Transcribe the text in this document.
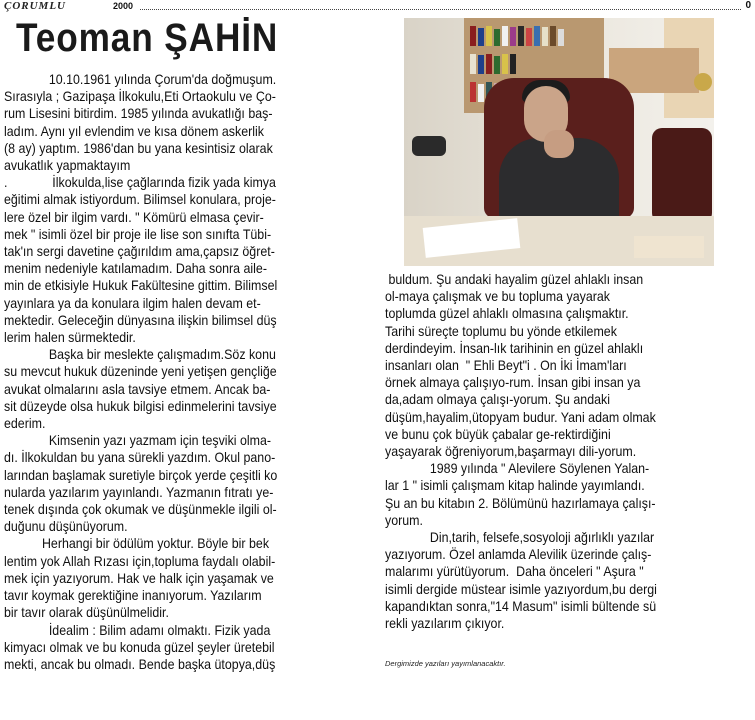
ÇORUMLU	2000	0
Teoman ŞAHİN

10.10.1961 yılında Çorum'da doğmuşum.

Sırasıyla ; Gazipaşa İlkokulu,Eti Ortaokulu ve Ço-

rum Lisesini bitirdim. 1985 yılında avukatlığı baş-

ladım. Aynı yıl evlendim ve kısa dönem askerlik

(8 ay) yaptım. 1986'dan bu yana kesintisiz olarak

avukatlık yapmaktayım

.             İlkokulda,lise çağlarında fizik yada kimya

eğitimi almak istiyordum. Bilimsel konulara, proje-

lere özel bir ilgim vardı. " Kömürü elmasa çevir-

mek " isimli özel bir proje ile lise son sınıfta Tübi-

tak'ın sergi davetine çağırıldım ama,çapsız öğret-

menim nedeniyle katılamadım. Daha sonra aile-

min de etkisiyle Hukuk Fakültesine gittim. Bilimsel

yayınlara ya da konulara ilgim halen devam et-

mektedir. Geleceğin dünyasına ilişkin bilimsel düş

lerim halen sürmektedir.

Başka bir meslekte çalışmadım.Söz konu

su mevcut hukuk düzeninde yeni yetişen gençliğe

avukat olmalarını asla tavsiye etmem. Ancak ba-

sit düzeyde olsa hukuk bilgisi edinmelerini tavsiye

ederim.

Kimsenin yazı yazmam için teşviki olma-

dı. İlkokuldan bu yana sürekli yazdım. Okul pano-

larından başlamak suretiyle birçok yerde çeşitli ko

nularda yazılarım yayınlandı. Yazmanın fıtratı ye-

tenek dışında çok okumak ve düşünmekle ilgili ol-

duğunu düşünüyorum.

Herhangi bir ödülüm yoktur. Böyle bir bek

lentim yok Allah Rızası için,topluma faydalı olabil-

mek için yazıyorum. Hak ve halk için yaşamak ve

tavır koymak gerektiğine inanıyorum. Yazılarım

bir tavır olarak düşünülmelidir.

İdealim : Bilim adamı olmaktı. Fizik yada

kimyacı olmak ve bu konuda güzel şeyler üretebil

mekti, ancak bu olmadı. Bende başka ütopya,düş

buldum. Şu andaki hayalim güzel ahlaklı insan

ol-maya çalışmak ve bu topluma yayarak

toplumda güzel ahlaklı olmasına çalışmaktır.

Tarihi süreçte toplumu bu yönde etkilemek

derdindeyim. İnsan-lık tarihinin en güzel ahlaklı

insanları olan  " Ehli Beyt"i . On İki İmam'ları

örnek almaya çalışıyo-rum. İnsan gibi insan ya

da,adam olmaya çalışı-yorum. Şu andaki

düşüm,hayalim,ütopyam budur. Yani adam olmak

ve bunu çok büyük çabalar ge-rektirdiğini

yaşayarak öğreniyorum,başarmayı dili-yorum.

1989 yılında " Alevilere Söylenen Yalan-

lar 1 " isimli çalışmam kitap halinde yayımlandı.

Şu an bu kitabın 2. Bölümünü hazırlamaya çalışı-

yorum.

Din,tarih, felsefe,sosyoloji ağırlıklı yazılar

yazıyorum. Özel anlamda Alevilik üzerinde çalış-

malarımı yürütüyorum.  Daha önceleri " Aşura "

isimli dergide müstear isimle yazıyordum,bu dergi

kapandıktan sonra,"14 Masum" isimli bültende sü

rekli yazılarım çıkıyor.

Dergimizde yazıları yayımlanacaktır.
